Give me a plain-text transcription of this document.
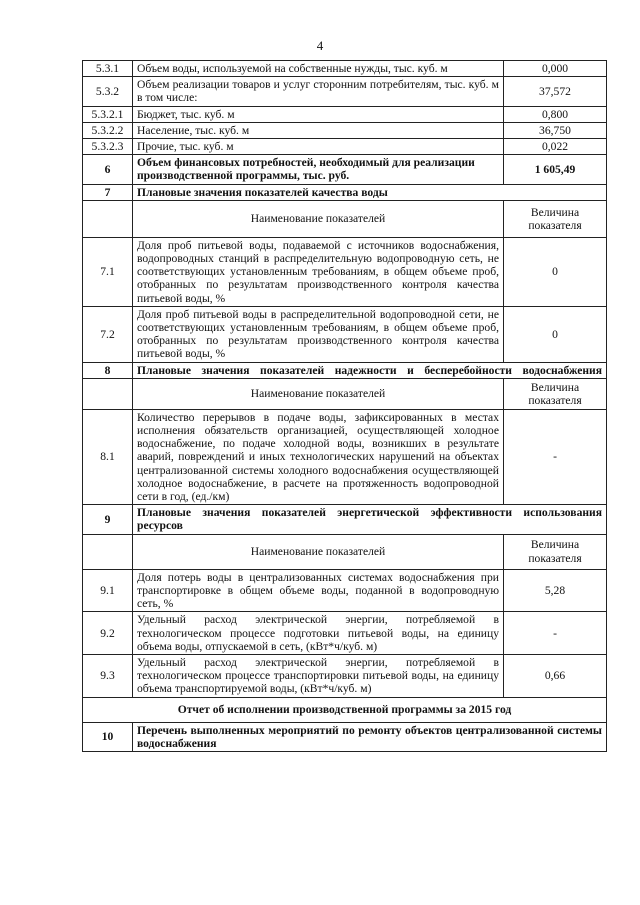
4
5.3.1	Объем воды, используемой на собственные нужды, тыс. куб. м	0,000
5.3.2	Объем реализации товаров и услуг сторонним потребителям, тыс. куб. м в том числе:	37,572
5.3.2.1	Бюджет, тыс. куб. м	0,800
5.3.2.2	Население, тыс. куб. м	36,750
5.3.2.3	Прочие, тыс. куб. м	0,022
6	Объем финансовых потребностей, необходимый для реализации производственной программы, тыс. руб.	1 605,49
7	Плановые значения показателей качества воды	
	Наименование показателей	Величина показателя
7.1	Доля проб питьевой воды, подаваемой с источников водоснабжения, водопроводных станций в распределительную водопроводную сеть, не соответствующих установленным требованиям, в общем объеме проб, отобранных по результатам производственного контроля качества питьевой воды, %	0
7.2	Доля проб питьевой воды в распределительной водопроводной сети, не соответствующих установленным требованиям, в общем объеме проб, отобранных по результатам производственного контроля качества питьевой воды, %	0
8	Плановые значения показателей надежности и бесперебойности водоснабжения	
	Наименование показателей	Величина показателя
8.1	Количество перерывов в подаче воды, зафиксированных в местах исполнения обязательств организацией, осуществляющей холодное водоснабжение, по подаче холодной воды, возникших в результате аварий, повреждений и иных технологических нарушений на объектах централизованной системы холодного водоснабжения осуществляющей холодное водоснабжение, в расчете на протяженность водопроводной сети в год, (ед./км)	-
9	Плановые значения показателей энергетической эффективности использования ресурсов	
	Наименование показателей	Величина показателя
9.1	Доля потерь воды в централизованных системах водоснабжения при транспортировке в общем объеме воды, поданной в водопроводную сеть, %	5,28
9.2	Удельный расход электрической энергии, потребляемой в технологическом процессе подготовки питьевой воды, на единицу объема воды, отпускаемой в сеть, (кВт*ч/куб. м)	-
9.3	Удельный расход электрической энергии, потребляемой в технологическом процессе транспортировки питьевой воды, на единицу объема транспортируемой воды, (кВт*ч/куб. м)	0,66
Отчет об исполнении производственной программы за 2015 год		
10	Перечень выполненных мероприятий по ремонту объектов централизованной системы водоснабжения	
